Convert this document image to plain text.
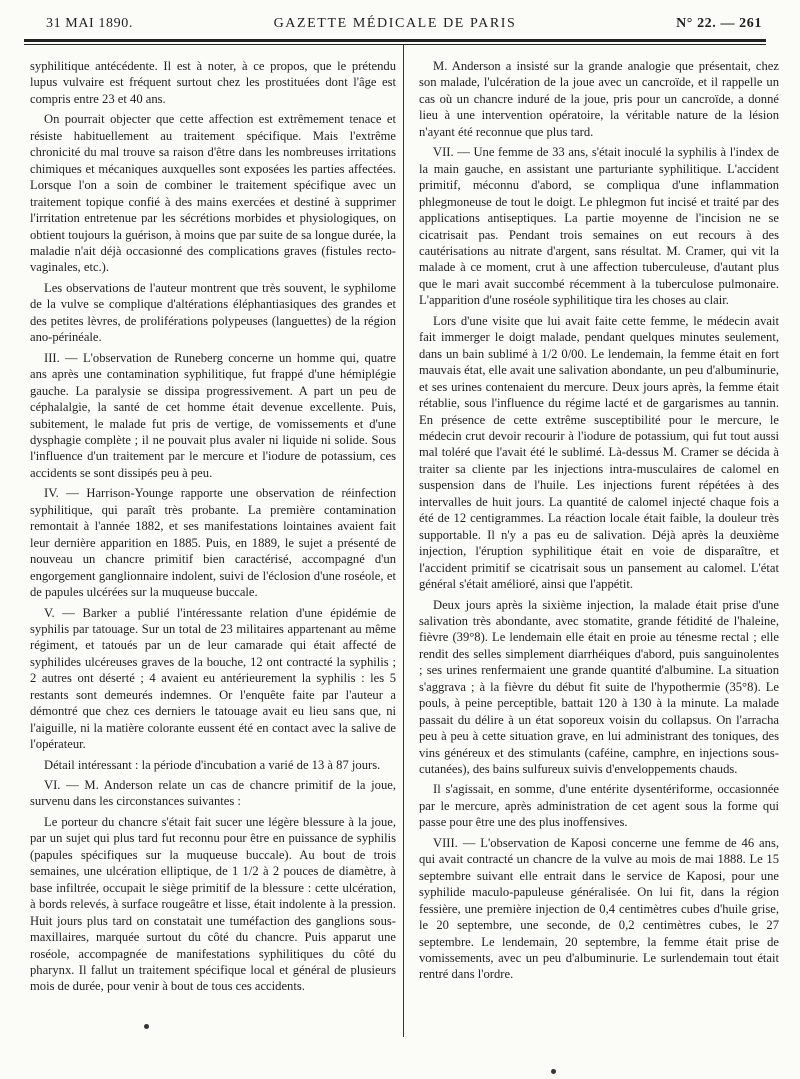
31 MAI 1890.	GAZETTE MÉDICALE DE PARIS	N° 22. — 261

syphilitique antécédente. Il est à noter, à ce propos, que le prétendu lupus vulvaire est fréquent surtout chez les prostituées dont l'âge est compris entre 23 et 40 ans.

On pourrait objecter que cette affection est extrêmement tenace et résiste habituellement au traitement spécifique. Mais l'extrême chronicité du mal trouve sa raison d'être dans les nombreuses irritations chimiques et mécaniques auxquelles sont exposées les parties affectées. Lorsque l'on a soin de combiner le traitement spécifique avec un traitement topique confié à des mains exercées et destiné à supprimer l'irritation entretenue par les sécrétions morbides et physiologiques, on obtient toujours la guérison, à moins que par suite de sa longue durée, la maladie n'ait déjà occasionné des complications graves (fistules recto-vaginales, etc.).

Les observations de l'auteur montrent que très souvent, le syphilome de la vulve se complique d'altérations éléphantiasiques des grandes et des petites lèvres, de proliférations polypeuses (languettes) de la région ano-périnéale.

III. — L'observation de Runeberg concerne un homme qui, quatre ans après une contamination syphilitique, fut frappé d'une hémiplégie gauche. La paralysie se dissipa progressivement. A part un peu de céphalalgie, la santé de cet homme était devenue excellente. Puis, subitement, le malade fut pris de vertige, de vomissements et d'une dysphagie complète ; il ne pouvait plus avaler ni liquide ni solide. Sous l'influence d'un traitement par le mercure et l'iodure de potassium, ces accidents se sont dissipés peu à peu.

IV. — Harrison-Younge rapporte une observation de réinfection syphilitique, qui paraît très probante. La première contamination remontait à l'année 1882, et ses manifestations lointaines avaient fait leur dernière apparition en 1885. Puis, en 1889, le sujet a présenté de nouveau un chancre primitif bien caractérisé, accompagné d'un engorgement ganglionnaire indolent, suivi de l'éclosion d'une roséole, et de papules ulcérées sur la muqueuse buccale.

V. — Barker a publié l'intéressante relation d'une épidémie de syphilis par tatouage. Sur un total de 23 militaires appartenant au même régiment, et tatoués par un de leur camarade qui était affecté de syphilides ulcéreuses graves de la bouche, 12 ont contracté la syphilis ; 2 autres ont déserté ; 4 avaient eu antérieurement la syphilis : les 5 restants sont demeurés indemnes. Or l'enquête faite par l'auteur a démontré que chez ces derniers le tatouage avait eu lieu sans que, ni l'aiguille, ni la matière colorante eussent été en contact avec la salive de l'opérateur.

Détail intéressant : la période d'incubation a varié de 13 à 87 jours.

VI. — M. Anderson relate un cas de chancre primitif de la joue, survenu dans les circonstances suivantes :

Le porteur du chancre s'était fait sucer une légère blessure à la joue, par un sujet qui plus tard fut reconnu pour être en puissance de syphilis (papules spécifiques sur la muqueuse buccale). Au bout de trois semaines, une ulcération elliptique, de 1 1/2 à 2 pouces de diamètre, à base infiltrée, occupait le siège primitif de la blessure : cette ulcération, à bords relevés, à surface rougeâtre et lisse, était indolente à la pression. Huit jours plus tard on constatait une tuméfaction des ganglions sous-maxillaires, marquée surtout du côté du chancre. Puis apparut une roséole, accompagnée de manifestations syphilitiques du côté du pharynx. Il fallut un traitement spécifique local et général de plusieurs mois de durée, pour venir à bout de tous ces accidents.

M. Anderson a insisté sur la grande analogie que présentait, chez son malade, l'ulcération de la joue avec un cancroïde, et il rappelle un cas où un chancre induré de la joue, pris pour un cancroïde, a donné lieu à une intervention opératoire, la véritable nature de la lésion n'ayant été reconnue que plus tard.

VII. — Une femme de 33 ans, s'était inoculé la syphilis à l'index de la main gauche, en assistant une parturiante syphilitique. L'accident primitif, méconnu d'abord, se compliqua d'une inflammation phlegmoneuse de tout le doigt. Le phlegmon fut incisé et traité par des applications antiseptiques. La partie moyenne de l'incision ne se cicatrisait pas. Pendant trois semaines on eut recours à des cautérisations au nitrate d'argent, sans résultat. M. Cramer, qui vit la malade à ce moment, crut à une affection tuberculeuse, d'autant plus que le mari avait succombé récemment à la tuberculose pulmonaire. L'apparition d'une roséole syphilitique tira les choses au clair.

Lors d'une visite que lui avait faite cette femme, le médecin avait fait immerger le doigt malade, pendant quelques minutes seulement, dans un bain sublimé à 1/2 0/00. Le lendemain, la femme était en fort mauvais état, elle avait une salivation abondante, un peu d'albuminurie, et ses urines contenaient du mercure. Deux jours après, la femme était rétablie, sous l'influence du régime lacté et de gargarismes au tannin. En présence de cette extrême susceptibilité pour le mercure, le médecin crut devoir recourir à l'iodure de potassium, qui fut tout aussi mal toléré que l'avait été le sublimé. Là-dessus M. Cramer se décida à traiter sa cliente par les injections intra-musculaires de calomel en suspension dans de l'huile. Les injections furent répétées à des intervalles de huit jours. La quantité de calomel injecté chaque fois a été de 12 centigrammes. La réaction locale était faible, la douleur très supportable. Il n'y a pas eu de salivation. Déjà après la deuxième injection, l'éruption syphilitique était en voie de disparaître, et l'accident primitif se cicatrisait sous un pansement au calomel. L'état général s'était amélioré, ainsi que l'appétit.

Deux jours après la sixième injection, la malade était prise d'une salivation très abondante, avec stomatite, grande fétidité de l'haleine, fièvre (39°8). Le lendemain elle était en proie au ténesme rectal ; elle rendit des selles simplement diarrhéiques d'abord, puis sanguinolentes ; ses urines renfermaient une grande quantité d'albumine. La situation s'aggrava ; à la fièvre du début fit suite de l'hypothermie (35°8). Le pouls, à peine perceptible, battait 120 à 130 à la minute. La malade passait du délire à un état soporeux voisin du collapsus. On l'arracha peu à peu à cette situation grave, en lui administrant des toniques, des vins généreux et des stimulants (caféine, camphre, en injections sous-cutanées), des bains sulfureux suivis d'enveloppements chauds.

Il s'agissait, en somme, d'une entérite dysentériforme, occasionnée par le mercure, après administration de cet agent sous la forme qui passe pour être une des plus inoffensives.

VIII. — L'observation de Kaposi concerne une femme de 46 ans, qui avait contracté un chancre de la vulve au mois de mai 1888. Le 15 septembre suivant elle entrait dans le service de Kaposi, pour une syphilide maculo-papuleuse généralisée. On lui fit, dans la région fessière, une première injection de 0,4 centimètres cubes d'huile grise, le 20 septembre, une seconde, de 0,2 centimètres cubes, le 27 septembre. Le lendemain, 20 septembre, la femme était prise de vomissements, avec un peu d'albuminurie. Le surlendemain tout était rentré dans l'ordre.
